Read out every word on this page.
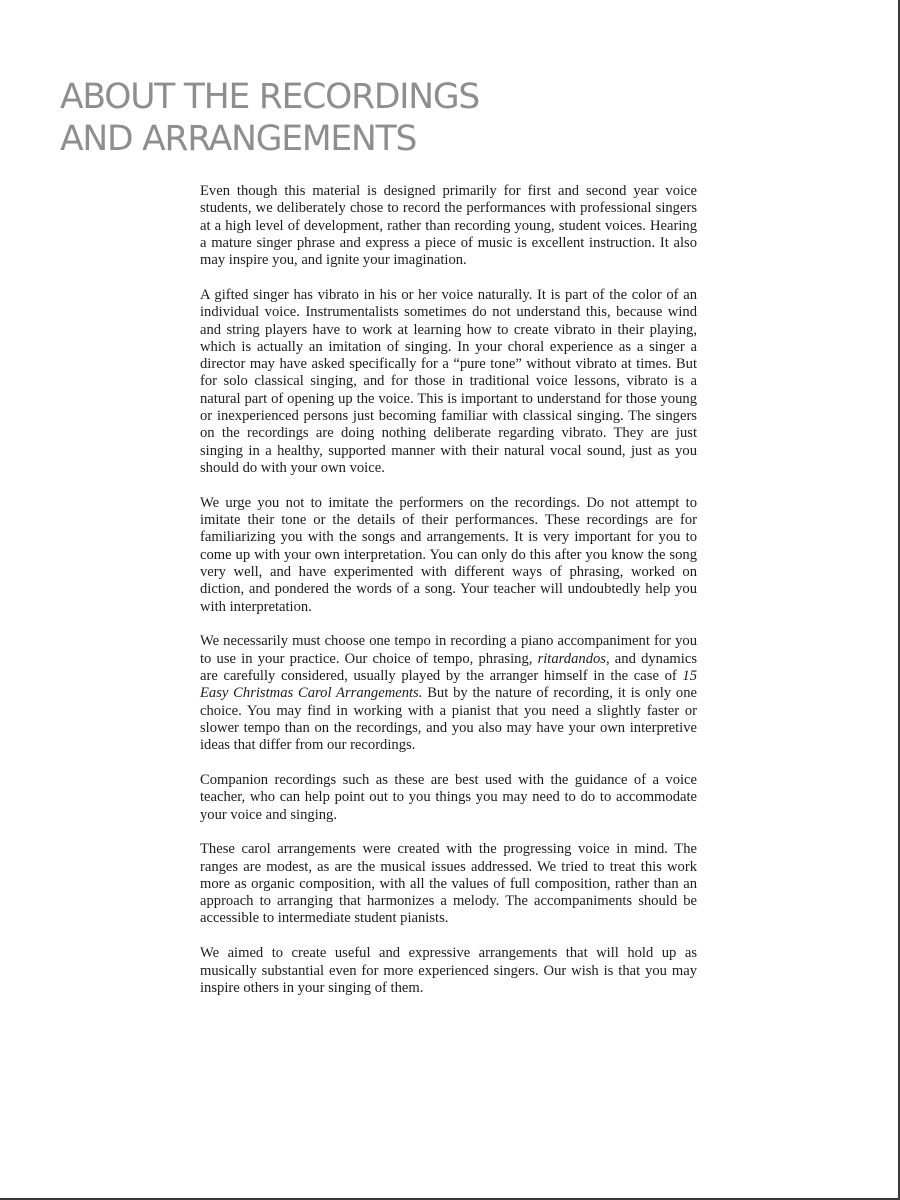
ABOUT THE RECORDINGS
AND ARRANGEMENTS

Even though this material is designed primarily for first and second year voice students, we deliberately chose to record the performances with professional singers at a high level of development, rather than recording young, student voices. Hearing a mature singer phrase and express a piece of music is excellent instruction. It also may inspire you, and ignite your imagination.

A gifted singer has vibrato in his or her voice naturally. It is part of the color of an individual voice. Instrumentalists sometimes do not understand this, because wind and string players have to work at learning how to create vibrato in their playing, which is actually an imitation of singing. In your choral experience as a singer a director may have asked specifically for a “pure tone” without vibrato at times. But for solo classical singing, and for those in traditional voice lessons, vibrato is a natural part of opening up the voice. This is important to understand for those young or inexperienced persons just becoming familiar with classical singing. The singers on the recordings are doing nothing deliberate regarding vibrato. They are just singing in a healthy, supported manner with their natural vocal sound, just as you should do with your own voice.

We urge you not to imitate the performers on the recordings. Do not attempt to imitate their tone or the details of their performances. These recordings are for familiarizing you with the songs and arrangements. It is very important for you to come up with your own interpretation. You can only do this after you know the song very well, and have experimented with different ways of phrasing, worked on diction, and pondered the words of a song. Your teacher will undoubtedly help you with interpretation.

We necessarily must choose one tempo in recording a piano accompaniment for you to use in your practice. Our choice of tempo, phrasing, ritardandos, and dynamics are carefully considered, usually played by the arranger himself in the case of 15 Easy Christmas Carol Arrangements. But by the nature of recording, it is only one choice. You may find in working with a pianist that you need a slightly faster or slower tempo than on the recordings, and you also may have your own interpretive ideas that differ from our recordings.

Companion recordings such as these are best used with the guidance of a voice teacher, who can help point out to you things you may need to do to accommodate your voice and singing.

These carol arrangements were created with the progressing voice in mind. The ranges are modest, as are the musical issues addressed. We tried to treat this work more as organic composition, with all the values of full composition, rather than an approach to arranging that harmonizes a melody. The accompaniments should be accessible to intermediate student pianists.

We aimed to create useful and expressive arrangements that will hold up as musically substantial even for more experienced singers. Our wish is that you may inspire others in your singing of them.
